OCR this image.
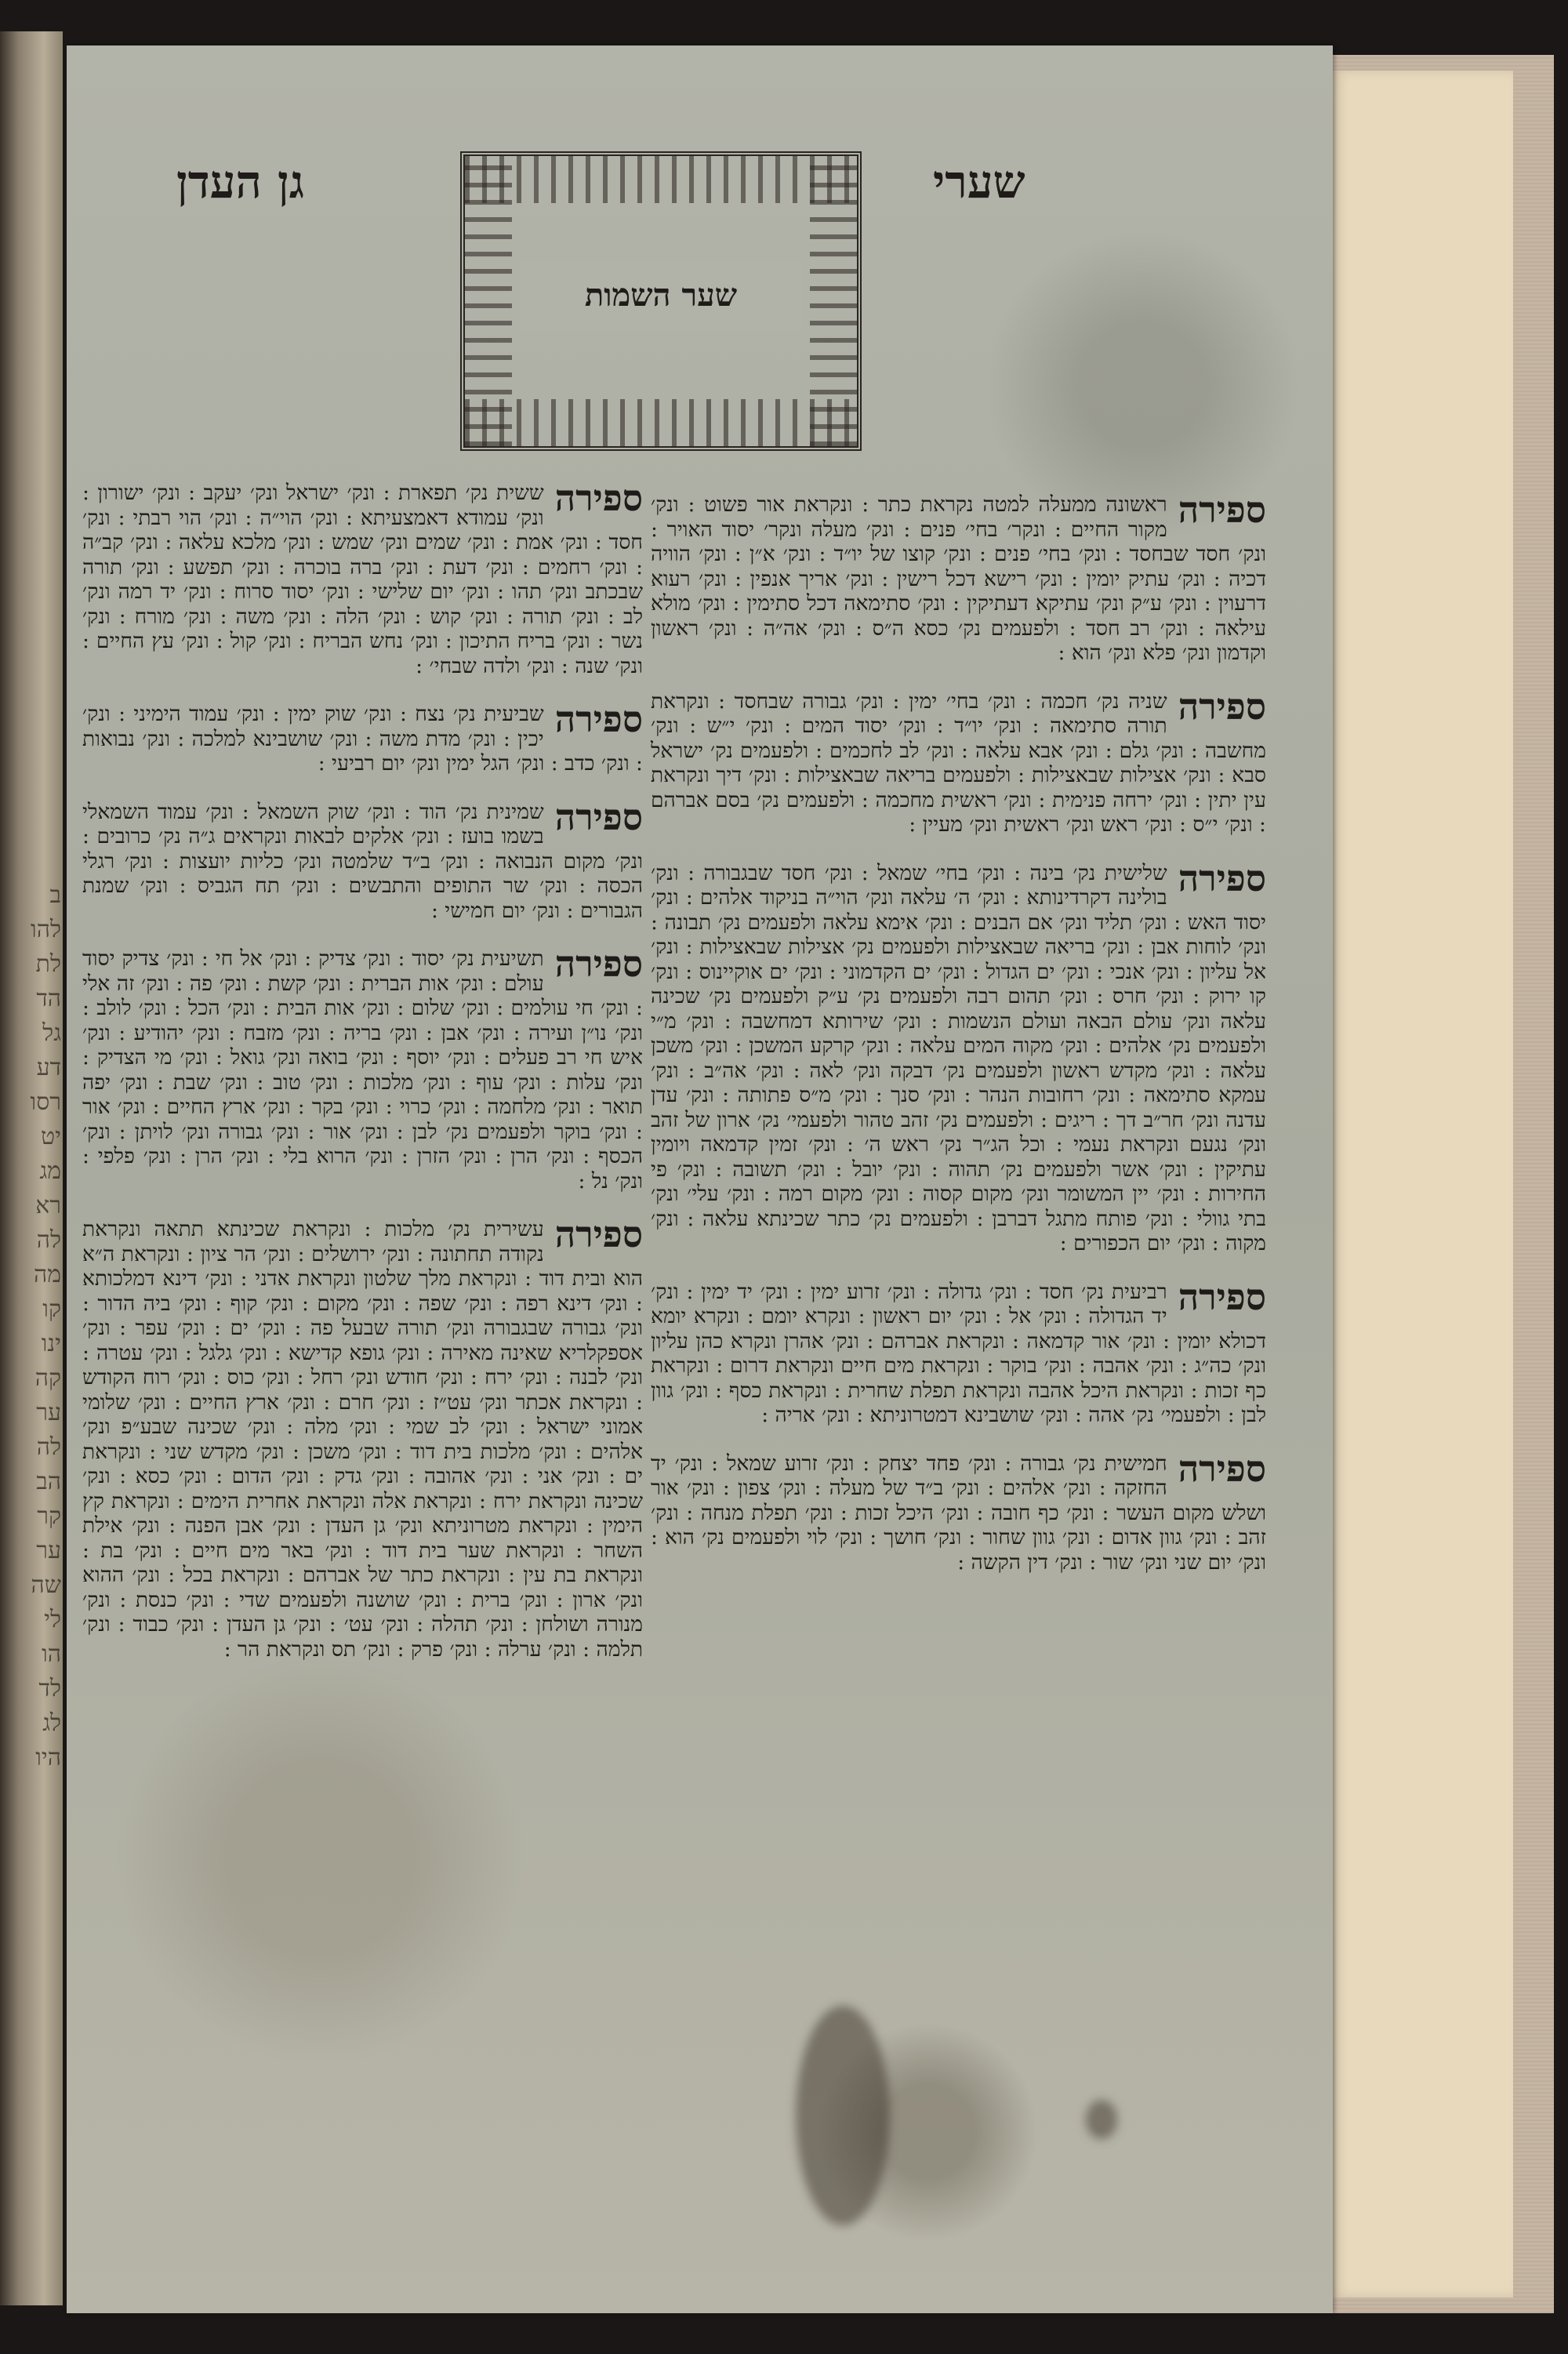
ב
להו
לת
הד
גל
דע
רסו
יט
מג
רא
לה
מה
קו
ינו
קה
ער
לה
הב
קר
ער
שה
לי
הו
לד
לג
היו
שערי
גן העדן
שער השמות
ספירה
ראשונה ממעלה למטה נקראת כתר : ונקראת אור פשוט : ונק׳ מקור החיים : ונקר׳ בחי׳ פנים : ונק׳ מעלה ונקר׳ יסוד האויר : ונק׳ חסד שבחסד : ונק׳ בחי׳ פנים : ונק׳ קוצו של יו״ד : ונק׳ א״ן : ונק׳ הוויה דכיה : ונק׳ עתיק יומין : ונק׳ רישא דכל רישין : ונק׳ אריך אנפין : ונק׳ רעוא דרעוין : ונק׳ ע״ק ונק׳ עתיקא דעתיקין : ונק׳ סתימאה דכל סתימין : ונק׳ מולא עילאה : ונק׳ רב חסד : ולפעמים נק׳ כסא ה״ס : ונק׳ אה״ה : ונק׳ ראשון וקדמון ונק׳ פלא ונק׳ הוא :
ספירה
שניה נק׳ חכמה : ונק׳ בחי׳ ימין : ונק׳ גבורה שבחסד : ונקראת תורה סתימאה : ונק׳ יו״ד : ונק׳ יסוד המים : ונק׳ י״ש : ונק׳ מחשבה : ונק׳ גלם : ונק׳ אבא עלאה : ונק׳ לב לחכמים : ולפעמים נק׳ ישראל סבא : ונק׳ אצילות שבאצילות : ולפעמים בריאה שבאצילות : ונק׳ דיך ונקראת עין יתין : ונק׳ ירחה פנימית : ונק׳ ראשית מחכמה : ולפעמים נק׳ בסם אברהם : ונק׳ י״ס : ונק׳ ראש ונק׳ ראשית ונק׳ מעיין :
ספירה
שלישית נק׳ בינה : ונק׳ בחי׳ שמאל : ונק׳ חסד שבגבורה : ונק׳ בולינה דקרדינותא : ונק׳ ה׳ עלאה ונק׳ הוי״ה בניקוד אלהים : ונק׳ יסוד האש : ונק׳ תליד ונק׳ אם הבנים : ונק׳ אימא עלאה ולפעמים נק׳ תבונה : ונק׳ לוחות אבן : ונק׳ בריאה שבאצילות ולפעמים נק׳ אצילות שבאצילות : ונק׳ אל עליון : ונק׳ אנכי : ונק׳ ים הגדול : ונק׳ ים הקדמוני : ונק׳ ים אוקיינוס : ונק׳ קו ירוק : ונק׳ חרס : ונק׳ תהום רבה ולפעמים נק׳ ע״ק ולפעמים נק׳ שכינה עלאה ונק׳ עולם הבאה ועולם הנשמות : ונק׳ שירותא דמחשבה : ונק׳ מ״י ולפעמים נק׳ אלהים : ונק׳ מקוה המים עלאה : ונק׳ קרקע המשכן : ונק׳ משכן עלאה : ונק׳ מקדש ראשון ולפעמים נק׳ דבקה ונק׳ לאה : ונק׳ אה״ב : ונק׳ עמקא סתימאה : ונק׳ רחובות הנהר : ונק׳ סנך : ונק׳ מ״ס פתותה : ונק׳ עדן עדנה ונק׳ חר״ב דך : ריגים : ולפעמים נק׳ זהב טהור ולפעמי׳ נק׳ ארון של זהב ונק׳ נגעם ונקראת נעמי : וכל הג״ר נק׳ ראש ה׳ : ונק׳ זמין קדמאה ויומין עתיקין : ונק׳ אשר ולפעמים נק׳ תהוה : ונק׳ יובל : ונק׳ תשובה : ונק׳ פי החירות : ונק׳ יין המשומר ונק׳ מקום קסוה : ונק׳ מקום רמה : ונק׳ עלי׳ ונק׳ בתי גוולי : ונק׳ פותח מתגל דברבן : ולפעמים נק׳ כתר שכינתא עלאה : ונק׳ מקוה : ונק׳ יום הכפורים :
ספירה
רביעית נק׳ חסד : ונק׳ גדולה : ונק׳ זרוע ימין : ונק׳ יד ימין : ונק׳ יד הגדולה : ונק׳ אל : ונק׳ יום ראשון : ונקרא יומם : ונקרא יומא דכולא יומין : ונק׳ אור קדמאה : ונקראת אברהם : ונק׳ אהרן ונקרא כהן עליון ונק׳ כה״ג : ונק׳ אהבה : ונק׳ בוקר : ונקראת מים חיים ונקראת דרום : ונקראת כף זכות : ונקראת היכל אהבה ונקראת תפלת שחרית : ונקראת כסף : ונק׳ גוון לבן : ולפעמי׳ נק׳ אהה : ונק׳ שושבינא דמטרוניתא : ונק׳ אריה :
ספירה
חמישית נק׳ גבורה : ונק׳ פחד יצחק : ונק׳ זרוע שמאל : ונק׳ יד החזקה : ונק׳ אלהים : ונק׳ ב״ד של מעלה : ונק׳ צפון : ונק׳ אור ושלש מקום העשר : ונק׳ כף חובה : ונק׳ היכל זכות : ונק׳ תפלת מנחה : ונק׳ זהב : ונק׳ גוון אדום : ונק׳ גוון שחור : ונק׳ חושך : ונק׳ לוי ולפעמים נק׳ הוא : ונק׳ יום שני ונק׳ שור : ונק׳ דין הקשה :
ספירה
ששית נק׳ תפארת : ונק׳ ישראל ונק׳ יעקב : ונק׳ ישורון : ונק׳ עמודא דאמצעיתא : ונק׳ הוי״ה : ונק׳ הוי רבתי : ונק׳ חסד : ונק׳ אמת : ונק׳ שמים ונק׳ שמש : ונק׳ מלכא עלאה : ונק׳ קב״ה : ונק׳ רחמים : ונק׳ דעת : ונק׳ ברה בוכרה : ונק׳ תפשע : ונק׳ תורה שבכתב ונק׳ תהו : ונק׳ יום שלישי : ונק׳ יסוד סרוח : ונק׳ יד רמה ונק׳ לב : ונק׳ תורה : ונק׳ קוש : ונק׳ הלה : ונק׳ משה : ונק׳ מורח : ונק׳ נשר : ונק׳ בריח התיכון : ונק׳ נחש הבריח : ונק׳ קול : ונק׳ עץ החיים : ונק׳ שנה : ונק׳ ולדה שבחי׳ :
ספירה
שביעית נק׳ נצח : ונק׳ שוק ימין : ונק׳ עמוד הימיני : ונק׳ יכין : ונק׳ מדת משה : ונק׳ שושבינא למלכה : ונק׳ נבואות : ונק׳ כדב : ונק׳ הגל ימין ונק׳ יום רביעי :
ספירה
שמינית נק׳ הוד : ונק׳ שוק השמאל : ונק׳ עמוד השמאלי בשמו בועז : ונק׳ אלקים לבאות ונקראים ג״ה נק׳ כרובים : ונק׳ מקום הנבואה : ונק׳ ב״ד שלמטה ונק׳ כליות יועצות : ונק׳ רגלי הכסה : ונק׳ שר התופים והתבשים : ונק׳ תח הגביס : ונק׳ שמנת הגבורים : ונק׳ יום חמישי :
ספירה
תשיעית נק׳ יסוד : ונק׳ צדיק : ונק׳ אל חי : ונק׳ צדיק יסוד עולם : ונק׳ אות הברית : ונק׳ קשת : ונק׳ פה : ונק׳ זה אלי : ונק׳ חי עולמים : ונק׳ שלום : ונק׳ אות הבית : ונק׳ הכל : ונק׳ לולב : ונק׳ נו״ן ועירה : ונק׳ אבן : ונק׳ בריה : ונק׳ מזבח : ונק׳ יהודיע : ונק׳ איש חי רב פעלים : ונק׳ יוסף : ונק׳ בואה ונק׳ גואל : ונק׳ מי הצדיק : ונק׳ עלות : ונק׳ עוף : ונק׳ מלכות : ונק׳ טוב : ונק׳ שבת : ונק׳ יפה תואר : ונק׳ מלחמה : ונק׳ כרוי : ונק׳ בקר : ונק׳ ארץ החיים : ונק׳ אור : ונק׳ בוקר ולפעמים נק׳ לבן : ונק׳ אור : ונק׳ גבורה ונק׳ לויתן : ונק׳ הכסף : ונק׳ הרן : ונק׳ הזרן : ונק׳ הרוא בלי : ונק׳ הרן : ונק׳ פלפי : ונק׳ נל :
ספירה
עשירית נק׳ מלכות : ונקראת שכינתא תתאה ונקראת נקודה תחתונה : ונק׳ ירושלים : ונק׳ הר ציון : ונקראת ה״א הוא ובית דוד : ונקראת מלך שלטון ונקראת אדני : ונק׳ דינא דמלכותא : ונק׳ דינא רפה : ונק׳ שפה : ונק׳ מקום : ונק׳ קוף : ונק׳ ביה הדור : ונק׳ גבורה שבגבורה ונק׳ תורה שבעל פה : ונק׳ ים : ונק׳ עפר : ונק׳ אספקלריא שאינה מאירה : ונק׳ גופא קדישא : ונק׳ גלגל : ונק׳ עטרה : ונק׳ לבנה : ונק׳ ירח : ונק׳ חודש ונק׳ רחל : ונק׳ כוס : ונק׳ רוח הקודש : ונקראת אכתר ונק׳ עט״ז : ונק׳ חרם : ונק׳ ארץ החיים : ונק׳ שלומי אמוני ישראל : ונק׳ לב שמי : ונק׳ מלה : ונק׳ שכינה שבע״פ ונק׳ אלהים : ונק׳ מלכות בית דוד : ונק׳ משכן : ונק׳ מקדש שני : ונקראת ים : ונק׳ אני : ונק׳ אהובה : ונק׳ גדק : ונק׳ הדום : ונק׳ כסא : ונק׳ שכינה ונקראת ירח : ונקראת אלה ונקראת אחרית הימים : ונקראת קץ הימין : ונקראת מטרוניתא ונק׳ גן העדן : ונק׳ אבן הפנה : ונק׳ אילת השחר : ונקראת שער בית דוד : ונק׳ באר מים חיים : ונק׳ בת : ונקראת בת עין : ונקראת כתר של אברהם : ונקראת בכל : ונק׳ ההוא ונק׳ ארון : ונק׳ ברית : ונק׳ שושנה ולפעמים שדי : ונק׳ כנסת : ונק׳ מנורה ושולחן : ונק׳ תהלה : ונק׳ עט׳ : ונק׳ גן העדן : ונק׳ כבוד : ונק׳ תלמה : ונק׳ ערלה : ונק׳ פרק : ונק׳ תס ונקראת הר :
